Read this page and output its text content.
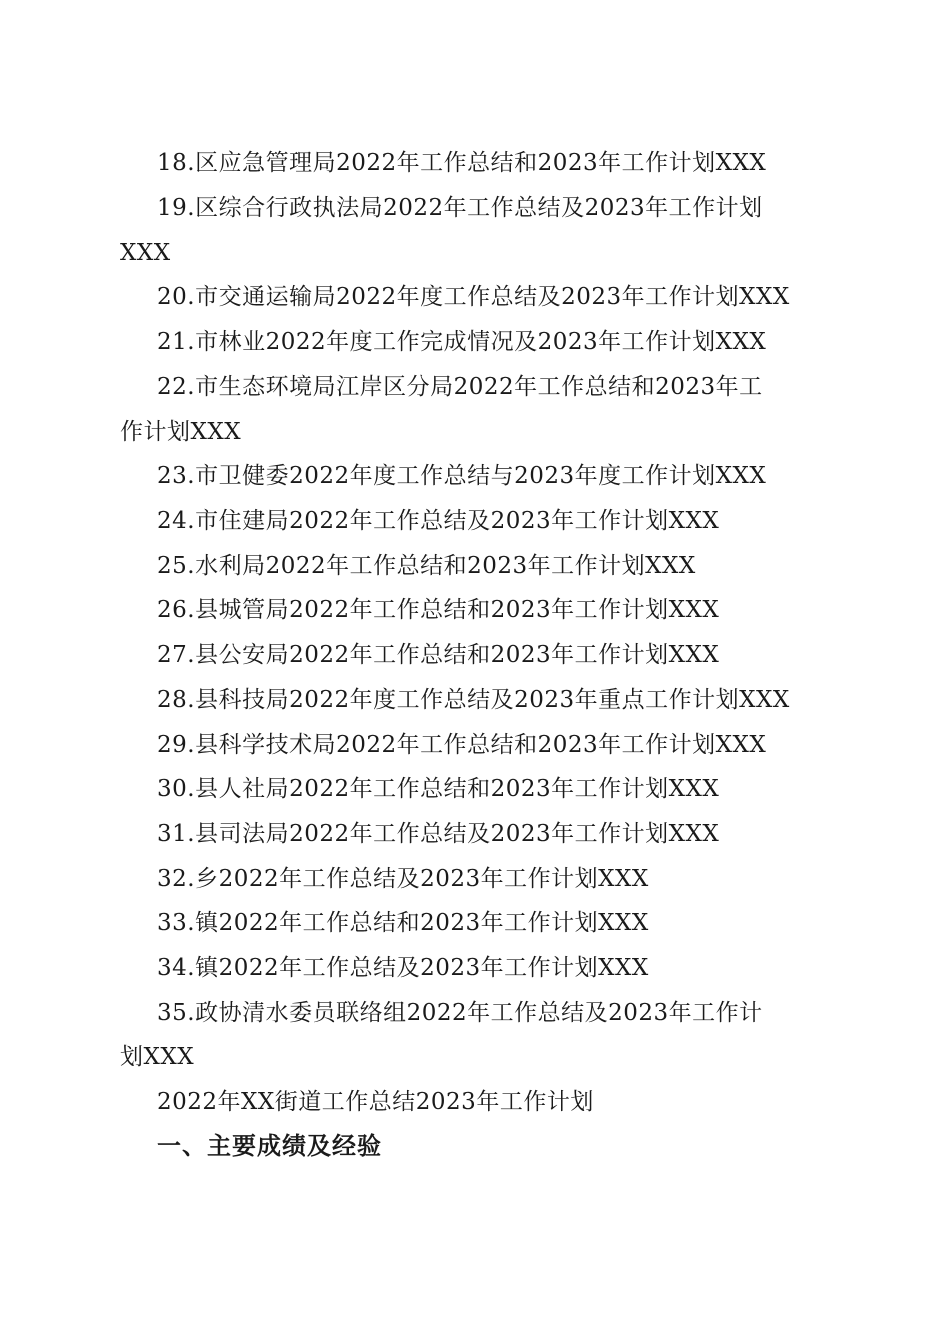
18.区应急管理局2022年工作总结和2023年工作计划XXX
19.区综合行政执法局2022年工作总结及2023年工作计划
XXX
20.市交通运输局2022年度工作总结及2023年工作计划XXX
21.市林业2022年度工作完成情况及2023年工作计划XXX
22.市生态环境局江岸区分局2022年工作总结和2023年工
作计划XXX
23.市卫健委2022年度工作总结与2023年度工作计划XXX
24.市住建局2022年工作总结及2023年工作计划XXX
25.水利局2022年工作总结和2023年工作计划XXX
26.县城管局2022年工作总结和2023年工作计划XXX
27.县公安局2022年工作总结和2023年工作计划XXX
28.县科技局2022年度工作总结及2023年重点工作计划XXX
29.县科学技术局2022年工作总结和2023年工作计划XXX
30.县人社局2022年工作总结和2023年工作计划XXX
31.县司法局2022年工作总结及2023年工作计划XXX
32.乡2022年工作总结及2023年工作计划XXX
33.镇2022年工作总结和2023年工作计划XXX
34.镇2022年工作总结及2023年工作计划XXX
35.政协清水委员联络组2022年工作总结及2023年工作计
划XXX
2022年XX街道工作总结2023年工作计划
一、主要成绩及经验
